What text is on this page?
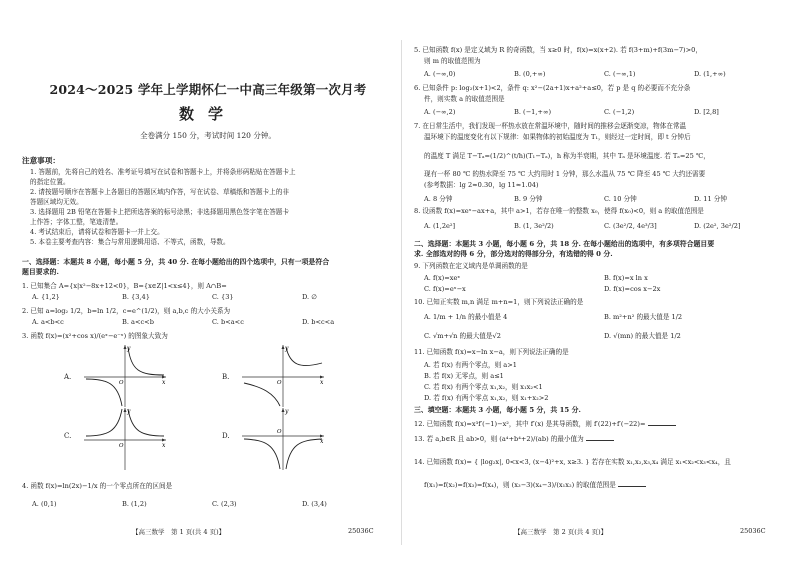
2024～2025 学年上学期怀仁一中高三年级第一次月考
数学
全卷满分 150 分，考试时间 120 分钟。
注意事项：
1. 答题前，先将自己的姓名、准考证号填写在试卷和答题卡上，并将条形码粘贴在答题卡上
的指定位置。
2. 请按题号顺序在答题卡上各题目的答题区域内作答，写在试卷、草稿纸和答题卡上的非
答题区域均无效。
3. 选择题用 2B 铅笔在答题卡上把所选答案的标号涂黑；非选择题用黑色签字笔在答题卡
上作答；字体工整，笔迹清楚。
4. 考试结束后，请将试卷和答题卡一并上交。
5. 本卷主要考查内容：集合与常用逻辑用语、不等式，函数，导数。
一、选择题：本题共 8 小题，每小题 5 分，共 40 分. 在每小题给出的四个选项中，只有一项是符合
题目要求的.
1. 已知集合 A={x|x²−8x+12<0}，B={x∈Z|1<x≤4}，则 A∩B=
A. {1,2}	B. {3,4}	C. {3}	D. ∅
2. 已知 a=log₂ 1/2，b=ln 1/2，c=e^(1/2)，则 a,b,c 的大小关系为
A. a<b<c	B. a<c<b	C. b<a<c	D. b<c<a
3. 函数 f(x)=(x²+cos x)/(eˣ−e⁻ˣ) 的图象大致为
A.
x
y
O
B.
x
y
O
C.
x
y
O
D.
x
y
O
4. 函数 f(x)=ln(2x)−1/x 的一个零点所在的区间是
A. (0,1)	B. (1,2)	C. (2,3)	D. (3,4)
【高三数学　第 1 页(共 4 页)】	25036C
5. 已知函数 f(x) 是定义域为 R 的奇函数，当 x≥0 时，f(x)=x(x+2). 若 f(3+m)+f(3m−7)>0，
则 m 的取值范围为
A. (−∞,0)	B. (0,+∞)	C. (−∞,1)	D. (1,+∞)
6. 已知条件 p: log₂(x+1)<2，条件 q: x²−(2a+1)x+a²+a≤0，若 p 是 q 的必要而不充分条
件，则实数 a 的取值范围是
A. (−∞,2)	B. (−1,+∞)	C. (−1,2)	D. [2,8]
7. 在日常生活中，我们发现一杯热水放在常温环境中，随时间的推移会逐渐变凉，物体在常温
温环境下的温度变化有以下规律：如果物体的初始温度为 T₁，则经过一定时间，即 t 分钟后
的温度 T 满足 T−Tₐ=(1/2)^(t/h)(T₁−Tₐ)，h 称为半衰期，其中 Tₐ 是环境温度. 若 Tₐ=25 ℃，
现有一杯 80 ℃ 的热水降至 75 ℃ 大约用时 1 分钟，那么水温从 75 ℃ 降至 45 ℃ 大约还需要
(参考数据：lg 2≈0.30，lg 11≈1.04)
A. 8 分钟	B. 9 分钟	C. 10 分钟	D. 11 分钟
8. 设函数 f(x)=xeˣ−ax+a，其中 a>1，若存在唯一的整数 x₀，使得 f(x₀)<0，则 a 的取值范围是
A. (1,2e²]	B. (1, 3e²/2)	C. (3e²/2, 4e³/3]	D. (2e², 3e²/2]
二、选择题：本题共 3 小题，每小题 6 分，共 18 分. 在每小题给出的选项中，有多项符合题目要
求. 全部选对的得 6 分，部分选对的得部分分，有选错的得 0 分.
9. 下列函数在定义域内是单调函数的是
A. f(x)=xeˣ	B. f(x)=x ln x
C. f(x)=eˣ−x	D. f(x)=cos x−2x
10. 已知正实数 m,n 满足 m+n=1，则下列说法正确的是
A. 1/m + 1/n 的最小值是 4	B. m²+n² 的最大值是 1/2
C. √m+√n 的最大值是√2	D. √(mn) 的最大值是 1/2
11. 已知函数 f(x)=x−ln x−a，则下列说法正确的是
A. 若 f(x) 有两个零点，则 a>1
B. 若 f(x) 无零点，则 a≤1
C. 若 f(x) 有两个零点 x₁,x₂，则 x₁x₂<1
D. 若 f(x) 有两个零点 x₁,x₂，则 x₁+x₂>2
三、填空题：本题共 3 小题，每小题 5 分，共 15 分.
12. 已知函数 f(x)=x³f′(−1)−x²，其中 f′(x) 是其导函数，则 f′(22)+f′(−22)=
13. 若 a,b∈R 且 ab>0，则 (a⁴+b⁴+2)/(ab) 的最小值为
14. 已知函数 f(x)= { |log₂x|, 0<x<3, (x−4)²+x, x≥3. } 若存在实数 x₁,x₂,x₃,x₄ 满足 x₁<x₂<x₃<x₄，且
f(x₁)=f(x₂)=f(x₃)=f(x₄)，则 (x₃−3)(x₄−3)/(x₁x₂) 的取值范围是
【高三数学　第 2 页(共 4 页)】	25036C
